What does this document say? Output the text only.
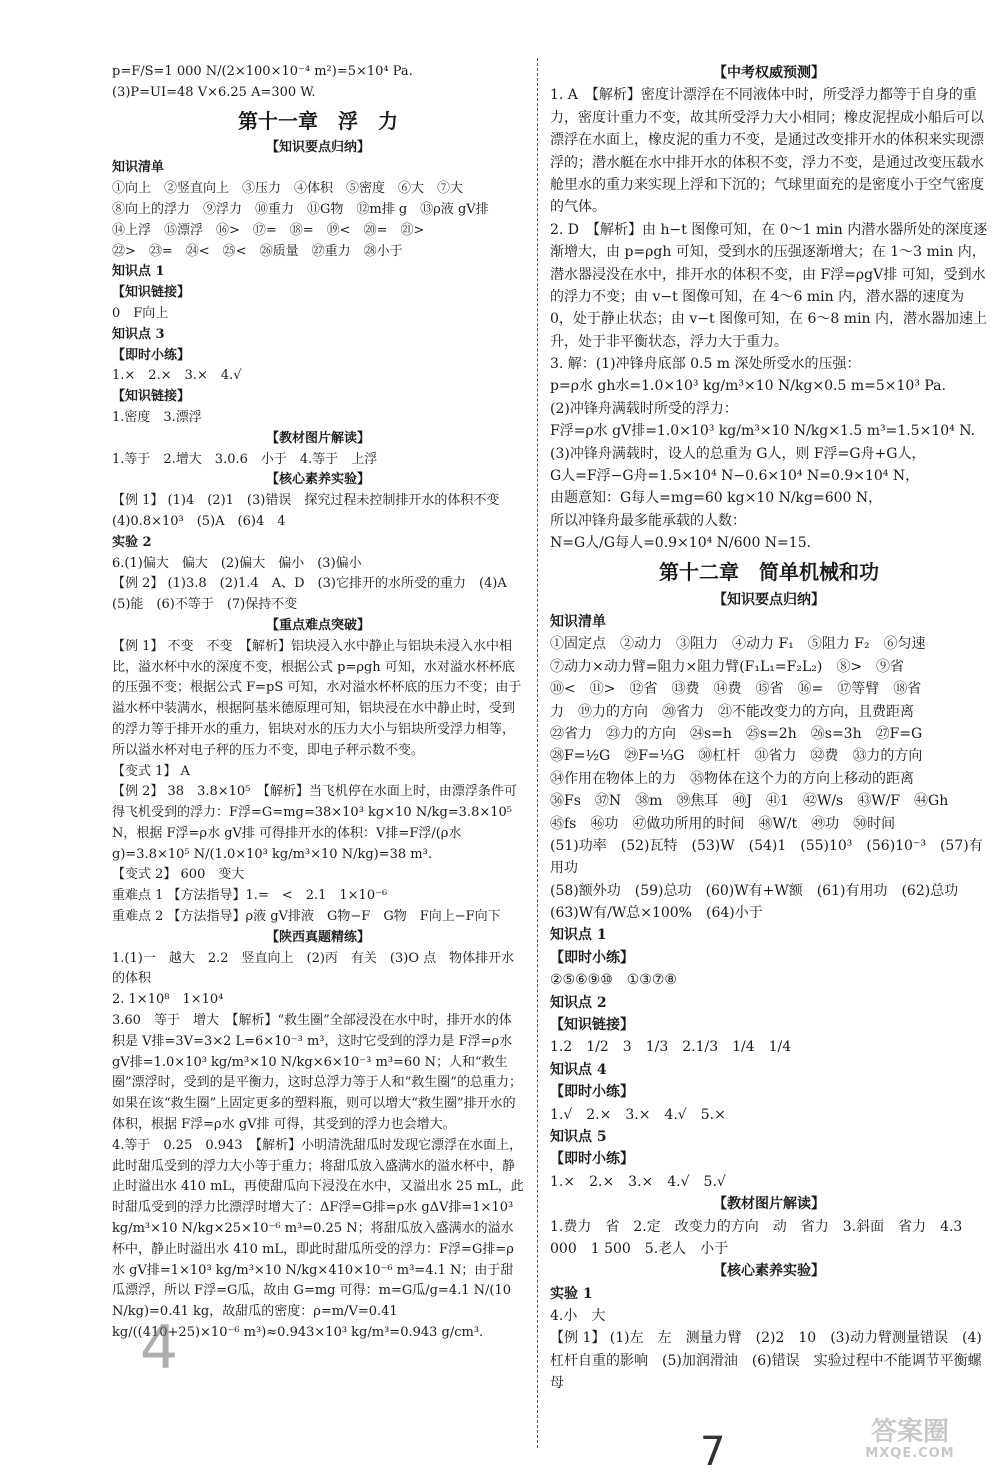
p=F/S=1 000 N/(2×100×10⁻⁴ m²)=5×10⁴ Pa.
(3)P=UI=48 V×6.25 A=300 W.
第十一章　浮　力
【知识要点归纳】
知识清单
①向上　②竖直向上　③压力　④体积　⑤密度　⑥大　⑦大
⑧向上的浮力　⑨浮力　⑩重力　⑪G物　⑫m排 g　⑬ρ液 gV排
⑭上浮　⑮漂浮　⑯>　⑰=　⑱=　⑲<　⑳=　㉑>
㉒>　㉓=　㉔<　㉕<　㉖质量　㉗重力　㉘小于
知识点 1
【知识链接】
0　F向上
知识点 3
【即时小练】
1.×　2.×　3.×　4.√
【知识链接】
1.密度　3.漂浮
【教材图片解读】
1.等于　2.增大　3.0.6　小于　4.等于　上浮
【核心素养实验】
【例 1】 (1)4　(2)1　(3)错误　探究过程未控制排开水的体积不变　(4)0.8×10³　(5)A　(6)4　4
实验 2
6.(1)偏大　偏大　(2)偏大　偏小　(3)偏小
【例 2】 (1)3.8　(2)1.4　A、D　(3)它排开的水所受的重力　(4)A　(5)能　(6)不等于　(7)保持不变
【重点难点突破】
【例 1】 不变　不变　【解析】铝块浸入水中静止与铝块未浸入水中相比，溢水杯中水的深度不变，根据公式 p=ρgh 可知，水对溢水杯杯底的压强不变；根据公式 F=pS 可知，水对溢水杯杯底的压力不变；由于溢水杯中装满水，根据阿基米德原理可知，铝块浸在水中静止时，受到的浮力等于排开水的重力，铝块对水的压力大小与铝块所受浮力相等，所以溢水杯对电子秤的压力不变，即电子秤示数不变。
【变式 1】 A
【例 2】 38　3.8×10⁵　【解析】当飞机停在水面上时，由漂浮条件可得飞机受到的浮力：F浮=G=mg=38×10³ kg×10 N/kg=3.8×10⁵ N，根据 F浮=ρ水 gV排 可得排开水的体积：V排=F浮/(ρ水 g)=3.8×10⁵ N/(1.0×10³ kg/m³×10 N/kg)=38 m³.
【变式 2】 600　变大
重难点 1 【方法指导】1.=　<　2.1　1×10⁻⁶
重难点 2 【方法指导】ρ液 gV排液　G物−F　G物　F向上−F向下
【陕西真题精练】
1.(1)一　越大　2.2　竖直向上　(2)丙　有关　(3)O 点　物体排开水的体积
2. 1×10⁸　1×10⁴
3.60　等于　增大　【解析】“救生圈”全部浸没在水中时，排开水的体积是 V排=3V=3×2 L=6×10⁻³ m³，这时它受到的浮力是 F浮=ρ水 gV排=1.0×10³ kg/m³×10 N/kg×6×10⁻³ m³=60 N；人和“救生圈”漂浮时，受到的是平衡力，这时总浮力等于人和“救生圈”的总重力；如果在该“救生圈”上固定更多的塑料瓶，则可以增大“救生圈”排开水的体积，根据 F浮=ρ水 gV排 可得，其受到的浮力也会增大。
4.等于　0.25　0.943　【解析】小明清洗甜瓜时发现它漂浮在水面上，此时甜瓜受到的浮力大小等于重力；将甜瓜放入盛满水的溢水杯中，静止时溢出水 410 mL，再使甜瓜向下浸没在水中，又溢出水 25 mL，此时甜瓜受到的浮力比漂浮时增大了：ΔF浮=G排=ρ水 gΔV排=1×10³ kg/m³×10 N/kg×25×10⁻⁶ m³=0.25 N；将甜瓜放入盛满水的溢水杯中，静止时溢出水 410 mL，即此时甜瓜所受的浮力：F浮=G排=ρ水 gV排=1×10³ kg/m³×10 N/kg×410×10⁻⁶ m³=4.1 N；由于甜瓜漂浮，所以 F浮=G瓜，故由 G=mg 可得：m=G瓜/g=4.1 N/(10 N/kg)=0.41 kg，故甜瓜的密度：ρ=m/V=0.41 kg/((410+25)×10⁻⁶ m³)≈0.943×10³ kg/m³=0.943 g/cm³.
【中考权威预测】
1. A　【解析】密度计漂浮在不同液体中时，所受浮力都等于自身的重力，密度计重力不变，故其所受浮力大小相同；橡皮泥捏成小船后可以漂浮在水面上，橡皮泥的重力不变，是通过改变排开水的体积来实现漂浮的；潜水艇在水中排开水的体积不变，浮力不变，是通过改变压载水舱里水的重力来实现上浮和下沉的；气球里面充的是密度小于空气密度的气体。
2. D　【解析】由 h−t 图像可知，在 0～1 min 内潜水器所处的深度逐渐增大，由 p=ρgh 可知，受到水的压强逐渐增大；在 1～3 min 内，潜水器浸没在水中，排开水的体积不变，由 F浮=ρgV排 可知，受到水的浮力不变；由 v−t 图像可知，在 4～6 min 内，潜水器的速度为 0，处于静止状态；由 v−t 图像可知，在 6～8 min 内，潜水器加速上升，处于非平衡状态，浮力大于重力。
3. 解：(1)冲锋舟底部 0.5 m 深处所受水的压强：
p=ρ水 gh水=1.0×10³ kg/m³×10 N/kg×0.5 m=5×10³ Pa.
(2)冲锋舟满载时所受的浮力：
F浮=ρ水 gV排=1.0×10³ kg/m³×10 N/kg×1.5 m³=1.5×10⁴ N.
(3)冲锋舟满载时，设人的总重为 G人，则 F浮=G舟+G人，
G人=F浮−G舟=1.5×10⁴ N−0.6×10⁴ N=0.9×10⁴ N，
由题意知：G每人=mg=60 kg×10 N/kg=600 N，
所以冲锋舟最多能承载的人数：
N=G人/G每人=0.9×10⁴ N/600 N=15.
第十二章　简单机械和功
【知识要点归纳】
知识清单
①固定点　②动力　③阻力　④动力 F₁　⑤阻力 F₂　⑥匀速
⑦动力×动力臂=阻力×阻力臂(F₁L₁=F₂L₂)　⑧>　⑨省
⑩<　⑪>　⑫省　⑬费　⑭费　⑮省　⑯=　⑰等臂　⑱省
力　⑲力的方向　⑳省力　㉑不能改变力的方向，且费距离
㉒省力　㉓力的方向　㉔s=h　㉕s=2h　㉖s=3h　㉗F=G
㉘F=½G　㉙F=⅓G　㉚杠杆　㉛省力　㉜费　㉝力的方向
㉞作用在物体上的力　㉟物体在这个力的方向上移动的距离
㊱Fs　㊲N　㊳m　㊴焦耳　㊵J　㊶1　㊷W/s　㊸W/F　㊹Gh
㊺fs　㊻功　㊼做功所用的时间　㊽W/t　㊾功　㊿时间
(51)功率　(52)瓦特　(53)W　(54)1　(55)10³　(56)10⁻³　(57)有用功
(58)额外功　(59)总功　(60)W有+W额　(61)有用功　(62)总功
(63)W有/W总×100%　(64)小于
知识点 1
【即时小练】
②⑤⑥⑨⑩　①③⑦⑧
知识点 2
【知识链接】
1.2　1/2　3　1/3　2.1/3　1/4　1/4
知识点 4
【即时小练】
1.√　2.×　3.×　4.√　5.×
知识点 5
【即时小练】
1.×　2.×　3.×　4.√　5.√
【教材图片解读】
1.费力　省　2.定　改变力的方向　动　省力　3.斜面　省力　4.3 000　1 500　5.老人　小于
【核心素养实验】
实验 1
4.小　大
【例 1】 (1)左　左　测量力臂　(2)2　10　(3)动力臂测量错误　(4)杠杆自重的影响　(5)加润滑油　(6)错误　实验过程中不能调节平衡螺母
4
7	答案圈
MXQE.COM
